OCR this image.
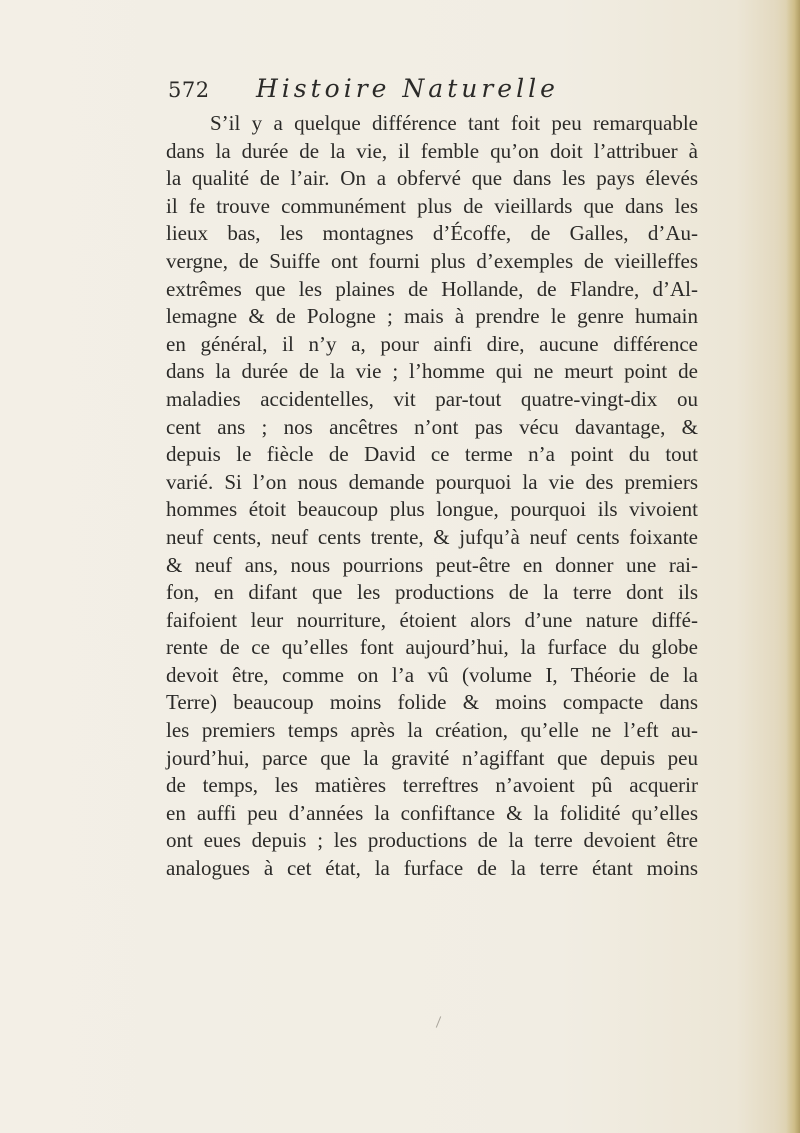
572 Histoire Naturelle
S’il y a quelque différence tant foit peu remarquable
dans la durée de la vie, il femble qu’on doit l’attribuer à
la qualité de l’air. On a obfervé que dans les pays élevés
il fe trouve communément plus de vieillards que dans les
lieux bas, les montagnes d’Écoffe, de Galles, d’Au-
vergne, de Suiffe ont fourni plus d’exemples de vieilleffes
extrêmes que les plaines de Hollande, de Flandre, d’Al-
lemagne & de Pologne ; mais à prendre le genre humain
en général, il n’y a, pour ainfi dire, aucune différence
dans la durée de la vie ; l’homme qui ne meurt point de
maladies accidentelles, vit par-tout quatre-vingt-dix ou
cent ans ; nos ancêtres n’ont pas vécu davantage, &
depuis le fiècle de David ce terme n’a point du tout
varié. Si l’on nous demande pourquoi la vie des premiers
hommes étoit beaucoup plus longue, pourquoi ils vivoient
neuf cents, neuf cents trente, & jufqu’à neuf cents foixante
& neuf ans, nous pourrions peut-être en donner une rai-
fon, en difant que les productions de la terre dont ils
faifoient leur nourriture, étoient alors d’une nature diffé-
rente de ce qu’elles font aujourd’hui, la furface du globe
devoit être, comme on l’a vû (volume I, Théorie de la
Terre) beaucoup moins folide & moins compacte dans
les premiers temps après la création, qu’elle ne l’eft au-
jourd’hui, parce que la gravité n’agiffant que depuis peu
de temps, les matières terreftres n’avoient pû acquerir
en auffi peu d’années la confiftance & la folidité qu’elles
ont eues depuis ; les productions de la terre devoient être
analogues à cet état, la furface de la terre étant moins
